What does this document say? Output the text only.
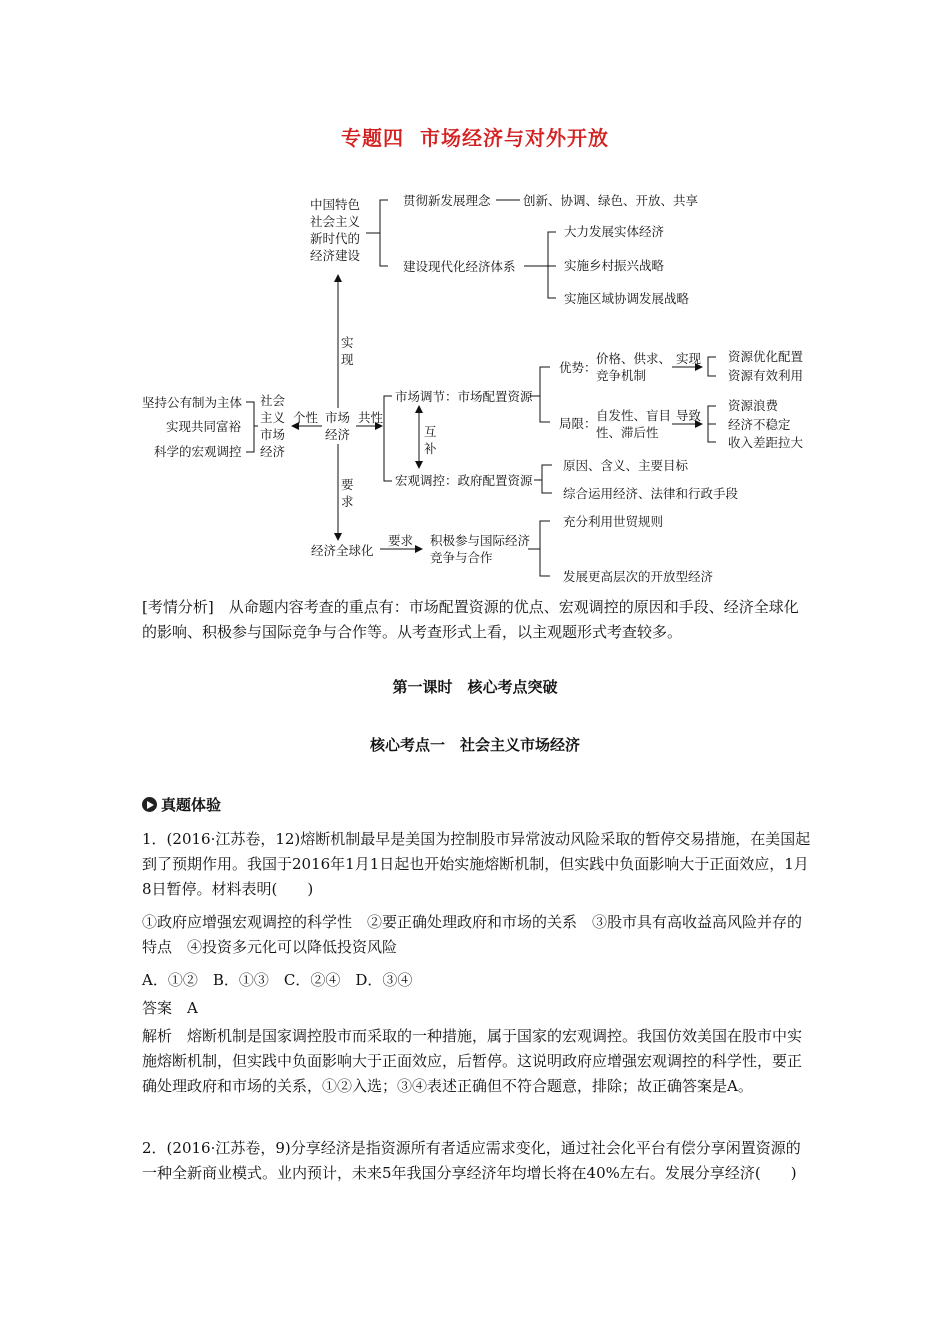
专题四 市场经济与对外开放
中国特色
社会主义
新时代的
经济建设
贯彻新发展理念	创新、协调、绿色、开放、共享
建设现代化经济体系
大力发展实体经济
实施乡村振兴战略
实施区域协调发展战略
实
现
坚持公有制为主体
实现共同富裕
科学的宏观调控
社会
主义
市场
经济
个性 市场
经济
共性
市场调节：市场配置资源
互
补
优势：
价格、供求、
竞争机制
实现 资源优化配置
资源有效利用
局限：
自发性、盲目
性、滞后性
导致
资源浪费
经济不稳定
收入差距拉大
宏观调控：政府配置资源
原因、含义、主要目标
综合运用经济、法律和行政手段
要
求
经济全球化
要求 积极参与国际经济
竞争与合作
充分利用世贸规则
发展更高层次的开放型经济
[考情分析]　从命题内容考查的重点有：市场配置资源的优点、宏观调控的原因和手段、经济全球化的影响、积极参与国际竞争与合作等。从考查形式上看，以主观题形式考查较多。
第一课时　核心考点突破
核心考点一　社会主义市场经济
真题体验
1．(2016·江苏卷，12)熔断机制最早是美国为控制股市异常波动风险采取的暂停交易措施，在美国起到了预期作用。我国于2016年1月1日起也开始实施熔断机制，但实践中负面影响大于正面效应，1月8日暂停。材料表明(　　)
①政府应增强宏观调控的科学性　②要正确处理政府和市场的关系　③股市具有高收益高风险并存的特点　④投资多元化可以降低投资风险
A．①②　B．①③　C．②④　D．③④
答案　A
解析　熔断机制是国家调控股市而采取的一种措施，属于国家的宏观调控。我国仿效美国在股市中实施熔断机制，但实践中负面影响大于正面效应，后暂停。这说明政府应增强宏观调控的科学性，要正确处理政府和市场的关系，①②入选；③④表述正确但不符合题意，排除；故正确答案是A。
2．(2016·江苏卷，9)分享经济是指资源所有者适应需求变化，通过社会化平台有偿分享闲置资源的一种全新商业模式。业内预计，未来5年我国分享经济年均增长将在40%左右。发展分享经济(　　)
